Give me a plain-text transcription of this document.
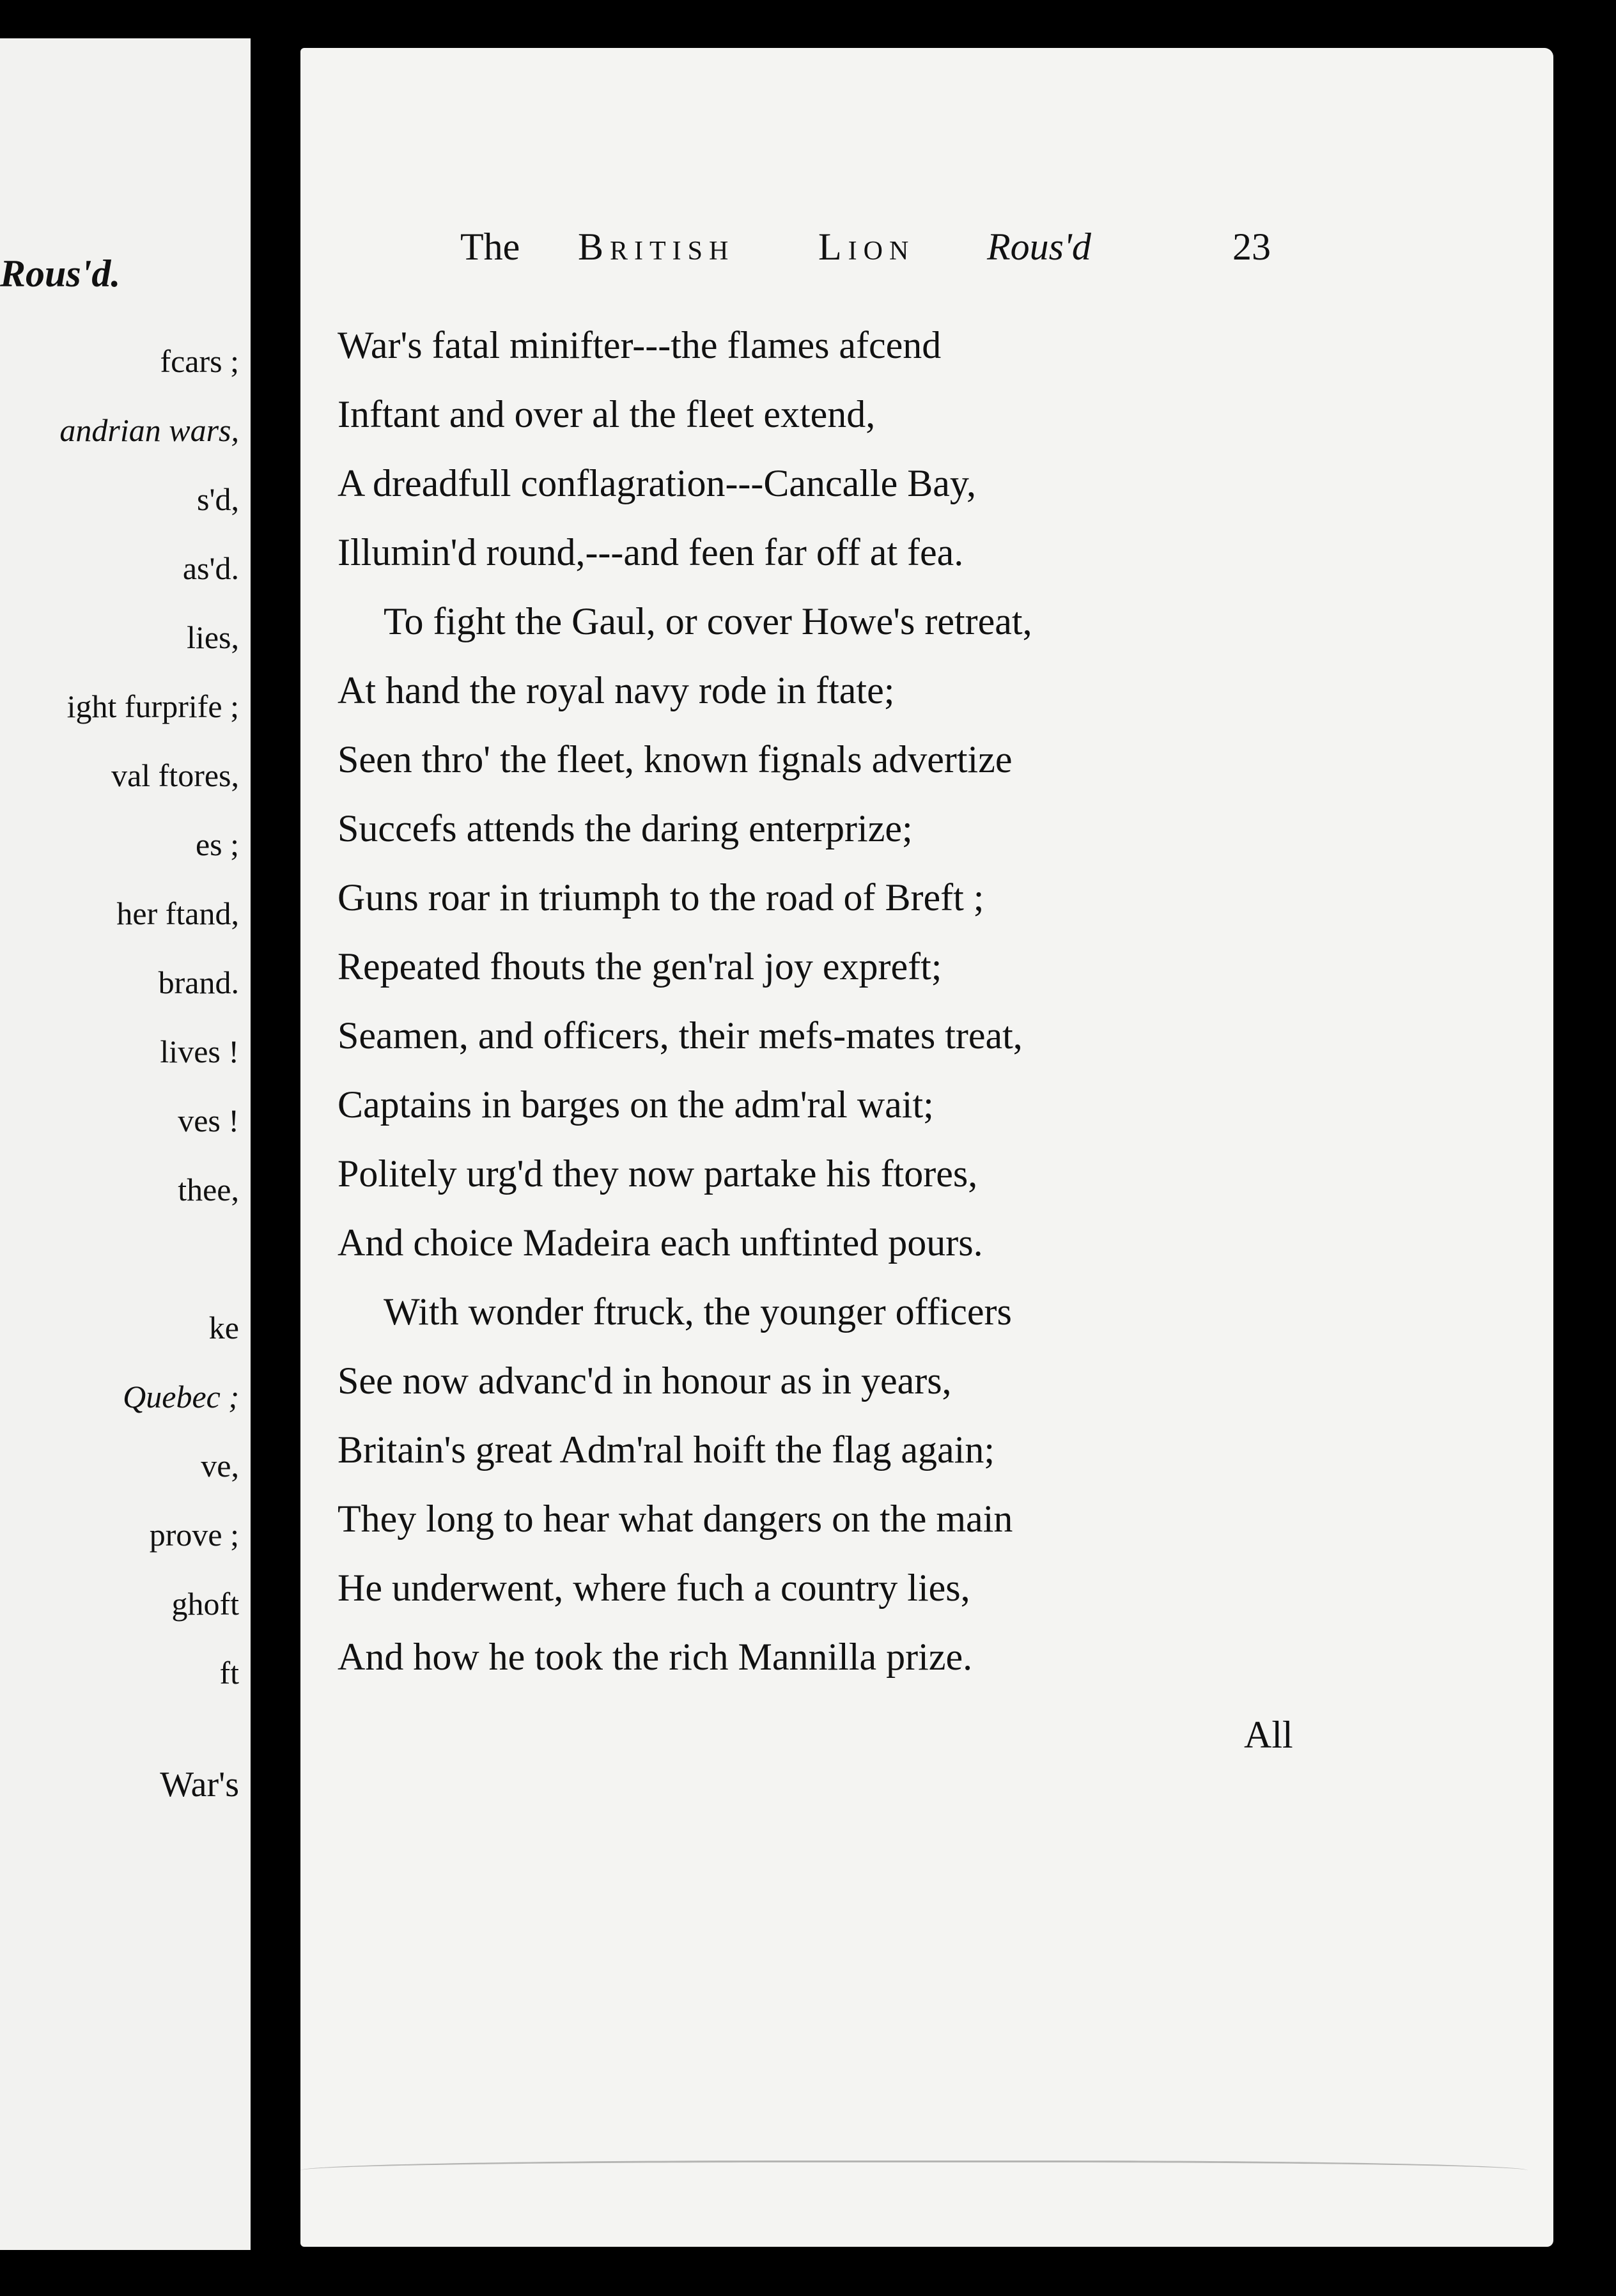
Rous'd.
fcars ;
andrian wars,
s'd,
as'd.
lies,
ight furprife ;
val ftores,
es ;
her ftand,
brand.
lives !
ves !
thee,
ke
Quebec ;
ve,
prove ;
ghoft
ft
War's
The British Lion Rous'd	23
War's fatal minifter---the flames afcend
Inftant and over al the fleet extend,
A dreadfull conflagration---Cancalle Bay,
Illumin'd round,---and feen far off at fea.
To fight the Gaul, or cover Howe's retreat,
At hand the royal navy rode in ftate;
Seen thro' the fleet, known fignals advertize
Succefs attends the daring enterprize;
Guns roar in triumph to the road of Breft ;
Repeated fhouts the gen'ral joy expreft;
Seamen, and officers, their mefs-mates treat,
Captains in barges on the adm'ral wait;
Politely urg'd they now partake his ftores,
And choice Madeira each unftinted pours.
With wonder ftruck, the younger officers
See now advanc'd in honour as in years,
Britain's great Adm'ral hoift the flag again;
They long to hear what dangers on the main
He underwent, where fuch a country lies,
And how he took the rich Mannilla prize.
All
